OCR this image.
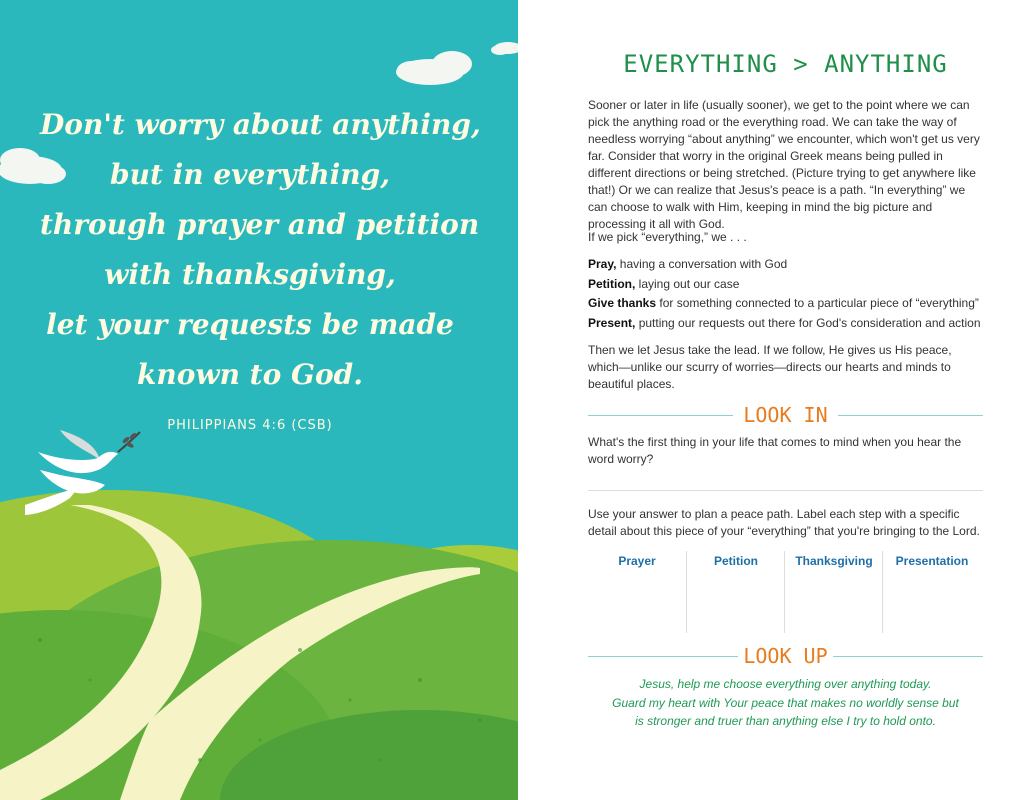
Don't worry about anything,
but in everything,
through prayer and petition
with thanksgiving,
let your requests be made
known to God.
PHILIPPIANS 4:6 (CSB)
EVERYTHING > ANYTHING
Sooner or later in life (usually sooner), we get to the point where we can pick the anything road or the everything road. We can take the way of needless worrying “about anything” we encounter, which won't get us very far. Consider that worry in the original Greek means being pulled in different directions or being stretched. (Picture trying to get anywhere like that!) Or we can realize that Jesus's peace is a path. “In everything” we can choose to walk with Him, keeping in mind the big picture and processing it all with God.
If we pick “everything,” we . . .
Pray, having a conversation with God
Petition, laying out our case
Give thanks for something connected to a particular piece of “everything”
Present, putting our requests out there for God's consideration and action
Then we let Jesus take the lead. If we follow, He gives us His peace, which—unlike our scurry of worries—directs our hearts and minds to beautiful places.
LOOK IN
What's the first thing in your life that comes to mind when you hear the word worry?
Use your answer to plan a peace path. Label each step with a specific detail about this piece of your “everything” that you're bringing to the Lord.
Prayer	Petition	Thanksgiving	Presentation
LOOK UP
Jesus, help me choose everything over anything today.
Guard my heart with Your peace that makes no worldly sense but
is stronger and truer than anything else I try to hold onto.
